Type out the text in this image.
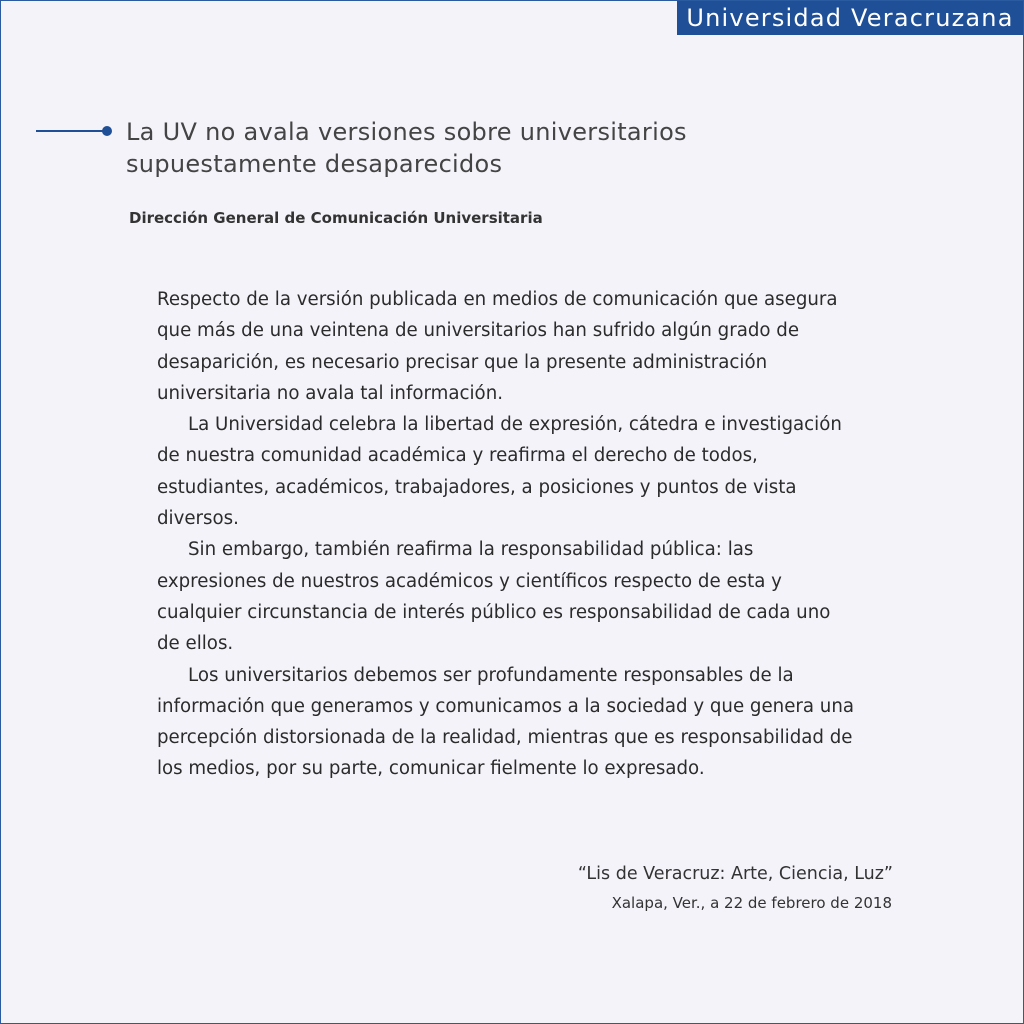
Universidad Veracruzana
La UV no avala versiones sobre universitarios
supuestamente desaparecidos
Dirección General de Comunicación Universitaria
Respecto de la versión publicada en medios de comunicación que asegura
que más de una veintena de universitarios han sufrido algún grado de
desaparición, es necesario precisar que la presente administración
universitaria no avala tal información.
La Universidad celebra la libertad de expresión, cátedra e investigación
de nuestra comunidad académica y reafirma el derecho de todos,
estudiantes, académicos, trabajadores, a posiciones y puntos de vista
diversos.
Sin embargo, también reafirma la responsabilidad pública: las
expresiones de nuestros académicos y científicos respecto de esta y
cualquier circunstancia de interés público es responsabilidad de cada uno
de ellos.
Los universitarios debemos ser profundamente responsables de la
información que generamos y comunicamos a la sociedad y que genera una
percepción distorsionada de la realidad, mientras que es responsabilidad de
los medios, por su parte, comunicar fielmente lo expresado.
“Lis de Veracruz: Arte, Ciencia, Luz”
Xalapa, Ver., a 22 de febrero de 2018
